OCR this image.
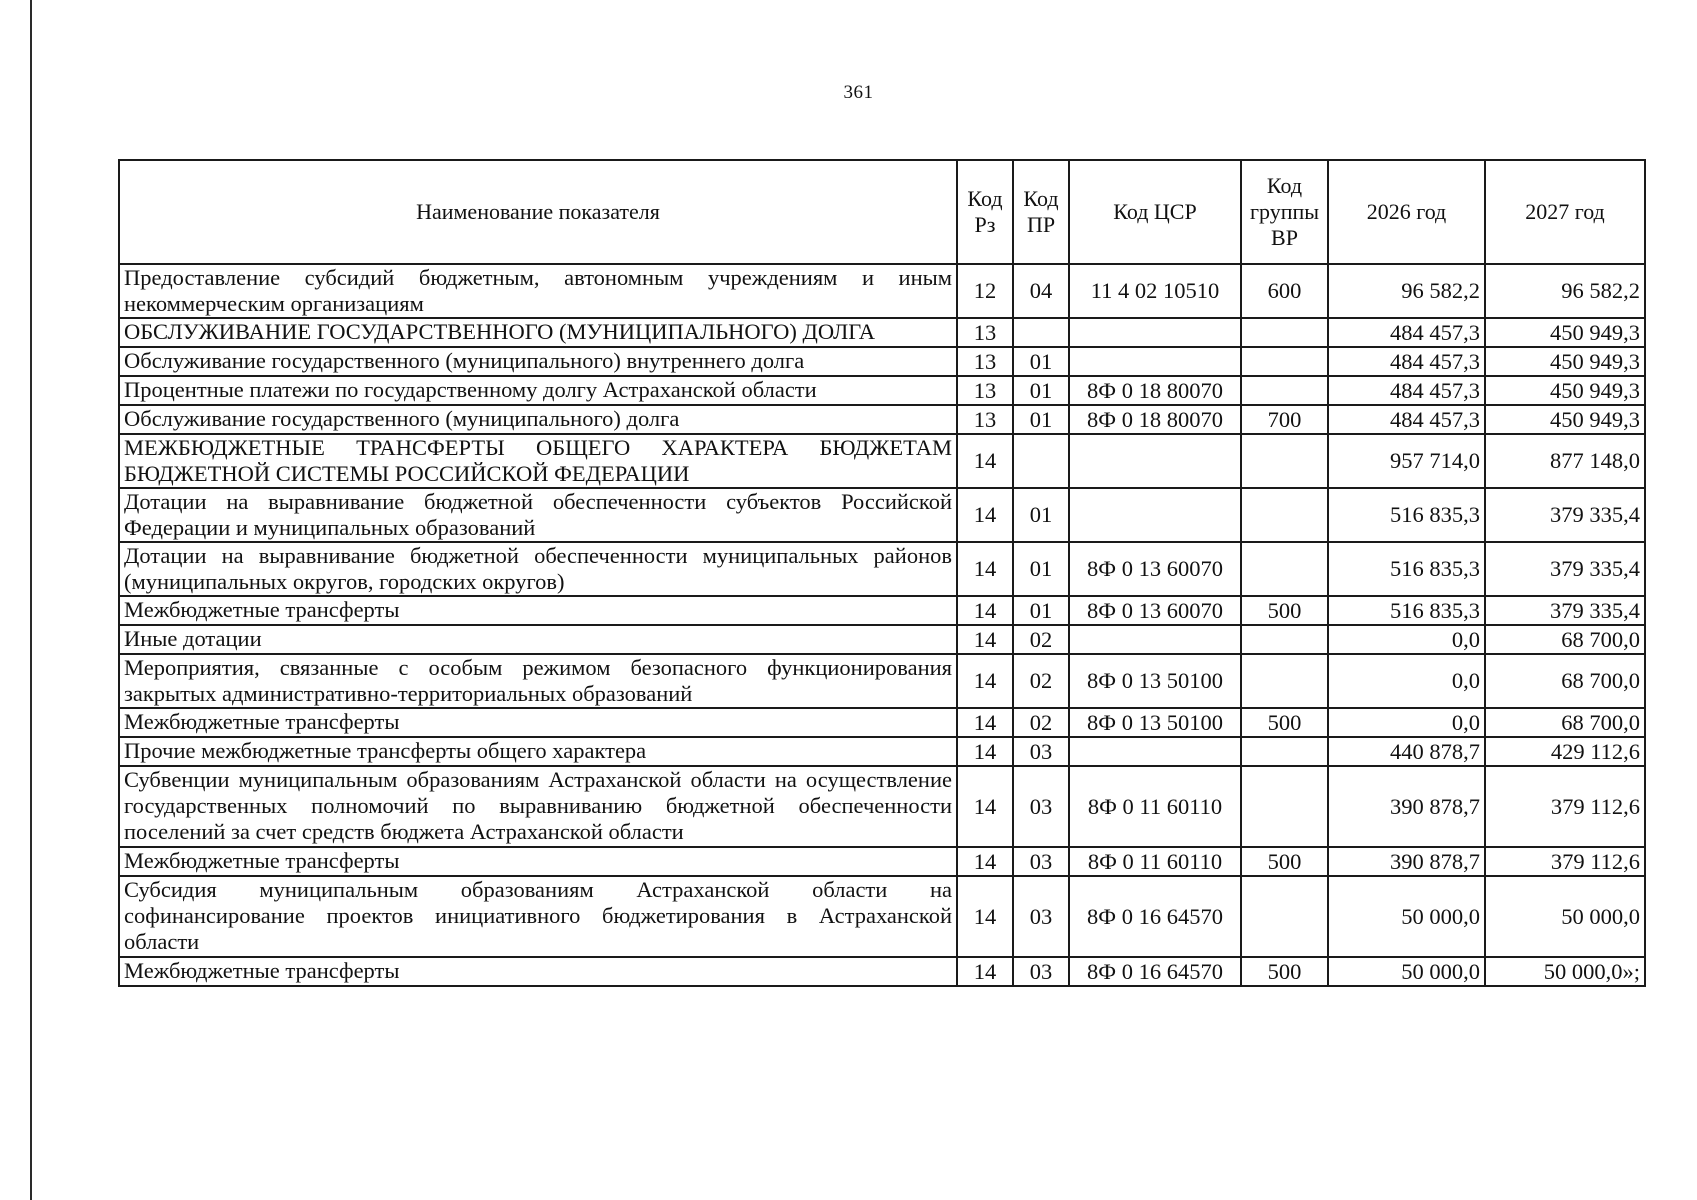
361
Наименование показателя	Код Рз	Код ПР	Код ЦСР	Код группы ВР	2026 год	2027 год
Предоставление субсидий бюджетным, автономным учреждениям и иным некоммерческим организациям	12	04	11 4 02 10510	600	96 582,2	96 582,2
ОБСЛУЖИВАНИЕ ГОСУДАРСТВЕННОГО (МУНИЦИПАЛЬНОГО) ДОЛГА	13				484 457,3	450 949,3
Обслуживание государственного (муниципального) внутреннего долга	13	01			484 457,3	450 949,3
Процентные платежи по государственному долгу Астраханской области	13	01	8Ф 0 18 80070		484 457,3	450 949,3
Обслуживание государственного (муниципального) долга	13	01	8Ф 0 18 80070	700	484 457,3	450 949,3
МЕЖБЮДЖЕТНЫЕ ТРАНСФЕРТЫ ОБЩЕГО ХАРАКТЕРА БЮДЖЕТАМ БЮДЖЕТНОЙ СИСТЕМЫ РОССИЙСКОЙ ФЕДЕРАЦИИ	14				957 714,0	877 148,0
Дотации на выравнивание бюджетной обеспеченности субъектов Российской Федерации и муниципальных образований	14	01			516 835,3	379 335,4
Дотации на выравнивание бюджетной обеспеченности муниципальных районов (муниципальных округов, городских округов)	14	01	8Ф 0 13 60070		516 835,3	379 335,4
Межбюджетные трансферты	14	01	8Ф 0 13 60070	500	516 835,3	379 335,4
Иные дотации	14	02			0,0	68 700,0
Мероприятия, связанные с особым режимом безопасного функционирования закрытых административно-территориальных образований	14	02	8Ф 0 13 50100		0,0	68 700,0
Межбюджетные трансферты	14	02	8Ф 0 13 50100	500	0,0	68 700,0
Прочие межбюджетные трансферты общего характера	14	03			440 878,7	429 112,6
Субвенции муниципальным образованиям Астраханской области на осуществление государственных полномочий по выравниванию бюджетной обеспеченности поселений за счет средств бюджета Астраханской области	14	03	8Ф 0 11 60110		390 878,7	379 112,6
Межбюджетные трансферты	14	03	8Ф 0 11 60110	500	390 878,7	379 112,6
Субсидия муниципальным образованиям Астраханской области на софинансирование проектов инициативного бюджетирования в Астраханской области	14	03	8Ф 0 16 64570		50 000,0	50 000,0
Межбюджетные трансферты	14	03	8Ф 0 16 64570	500	50 000,0	50 000,0»;
